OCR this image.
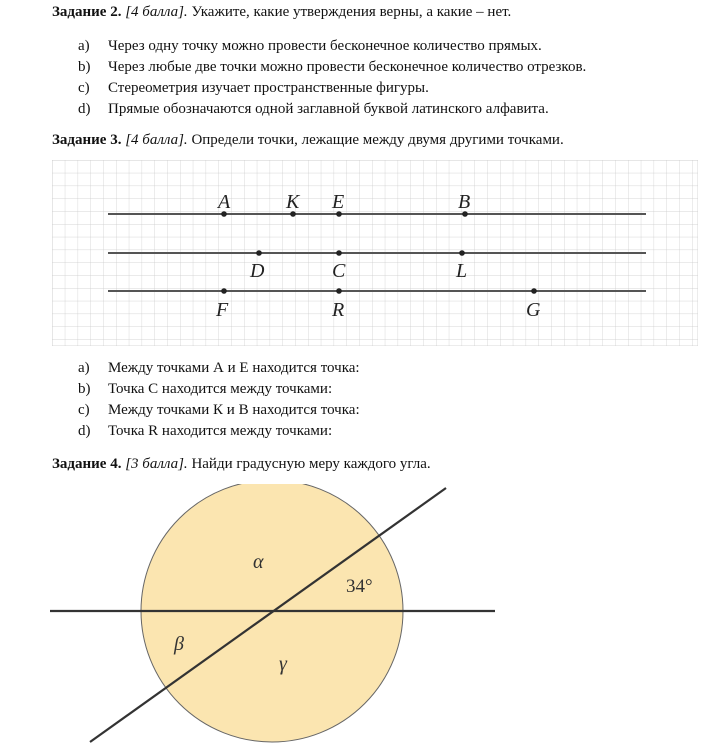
Задание 2. [4 балла]. Укажите, какие утверждения верны, а какие – нет.
a) Через одну точку можно провести бесконечное количество прямых.
b) Через любые две точки можно провести бесконечное количество отрезков.
c) Стереометрия изучает пространственные фигуры.
d) Прямые обозначаются одной заглавной буквой латинского алфавита.
Задание 3. [4 балла]. Определи точки, лежащие между двумя другими точками.
A	K E	B
D	C	L
F	R	G
a) Между точками А и Е находится точка:
b) Точка С находится между точками:
c) Между точками К и В находится точка:
d) Точка R находится между точками:
Задание 4. [3 балла]. Найди градусную меру каждого угла.
α
β
γ
34°
